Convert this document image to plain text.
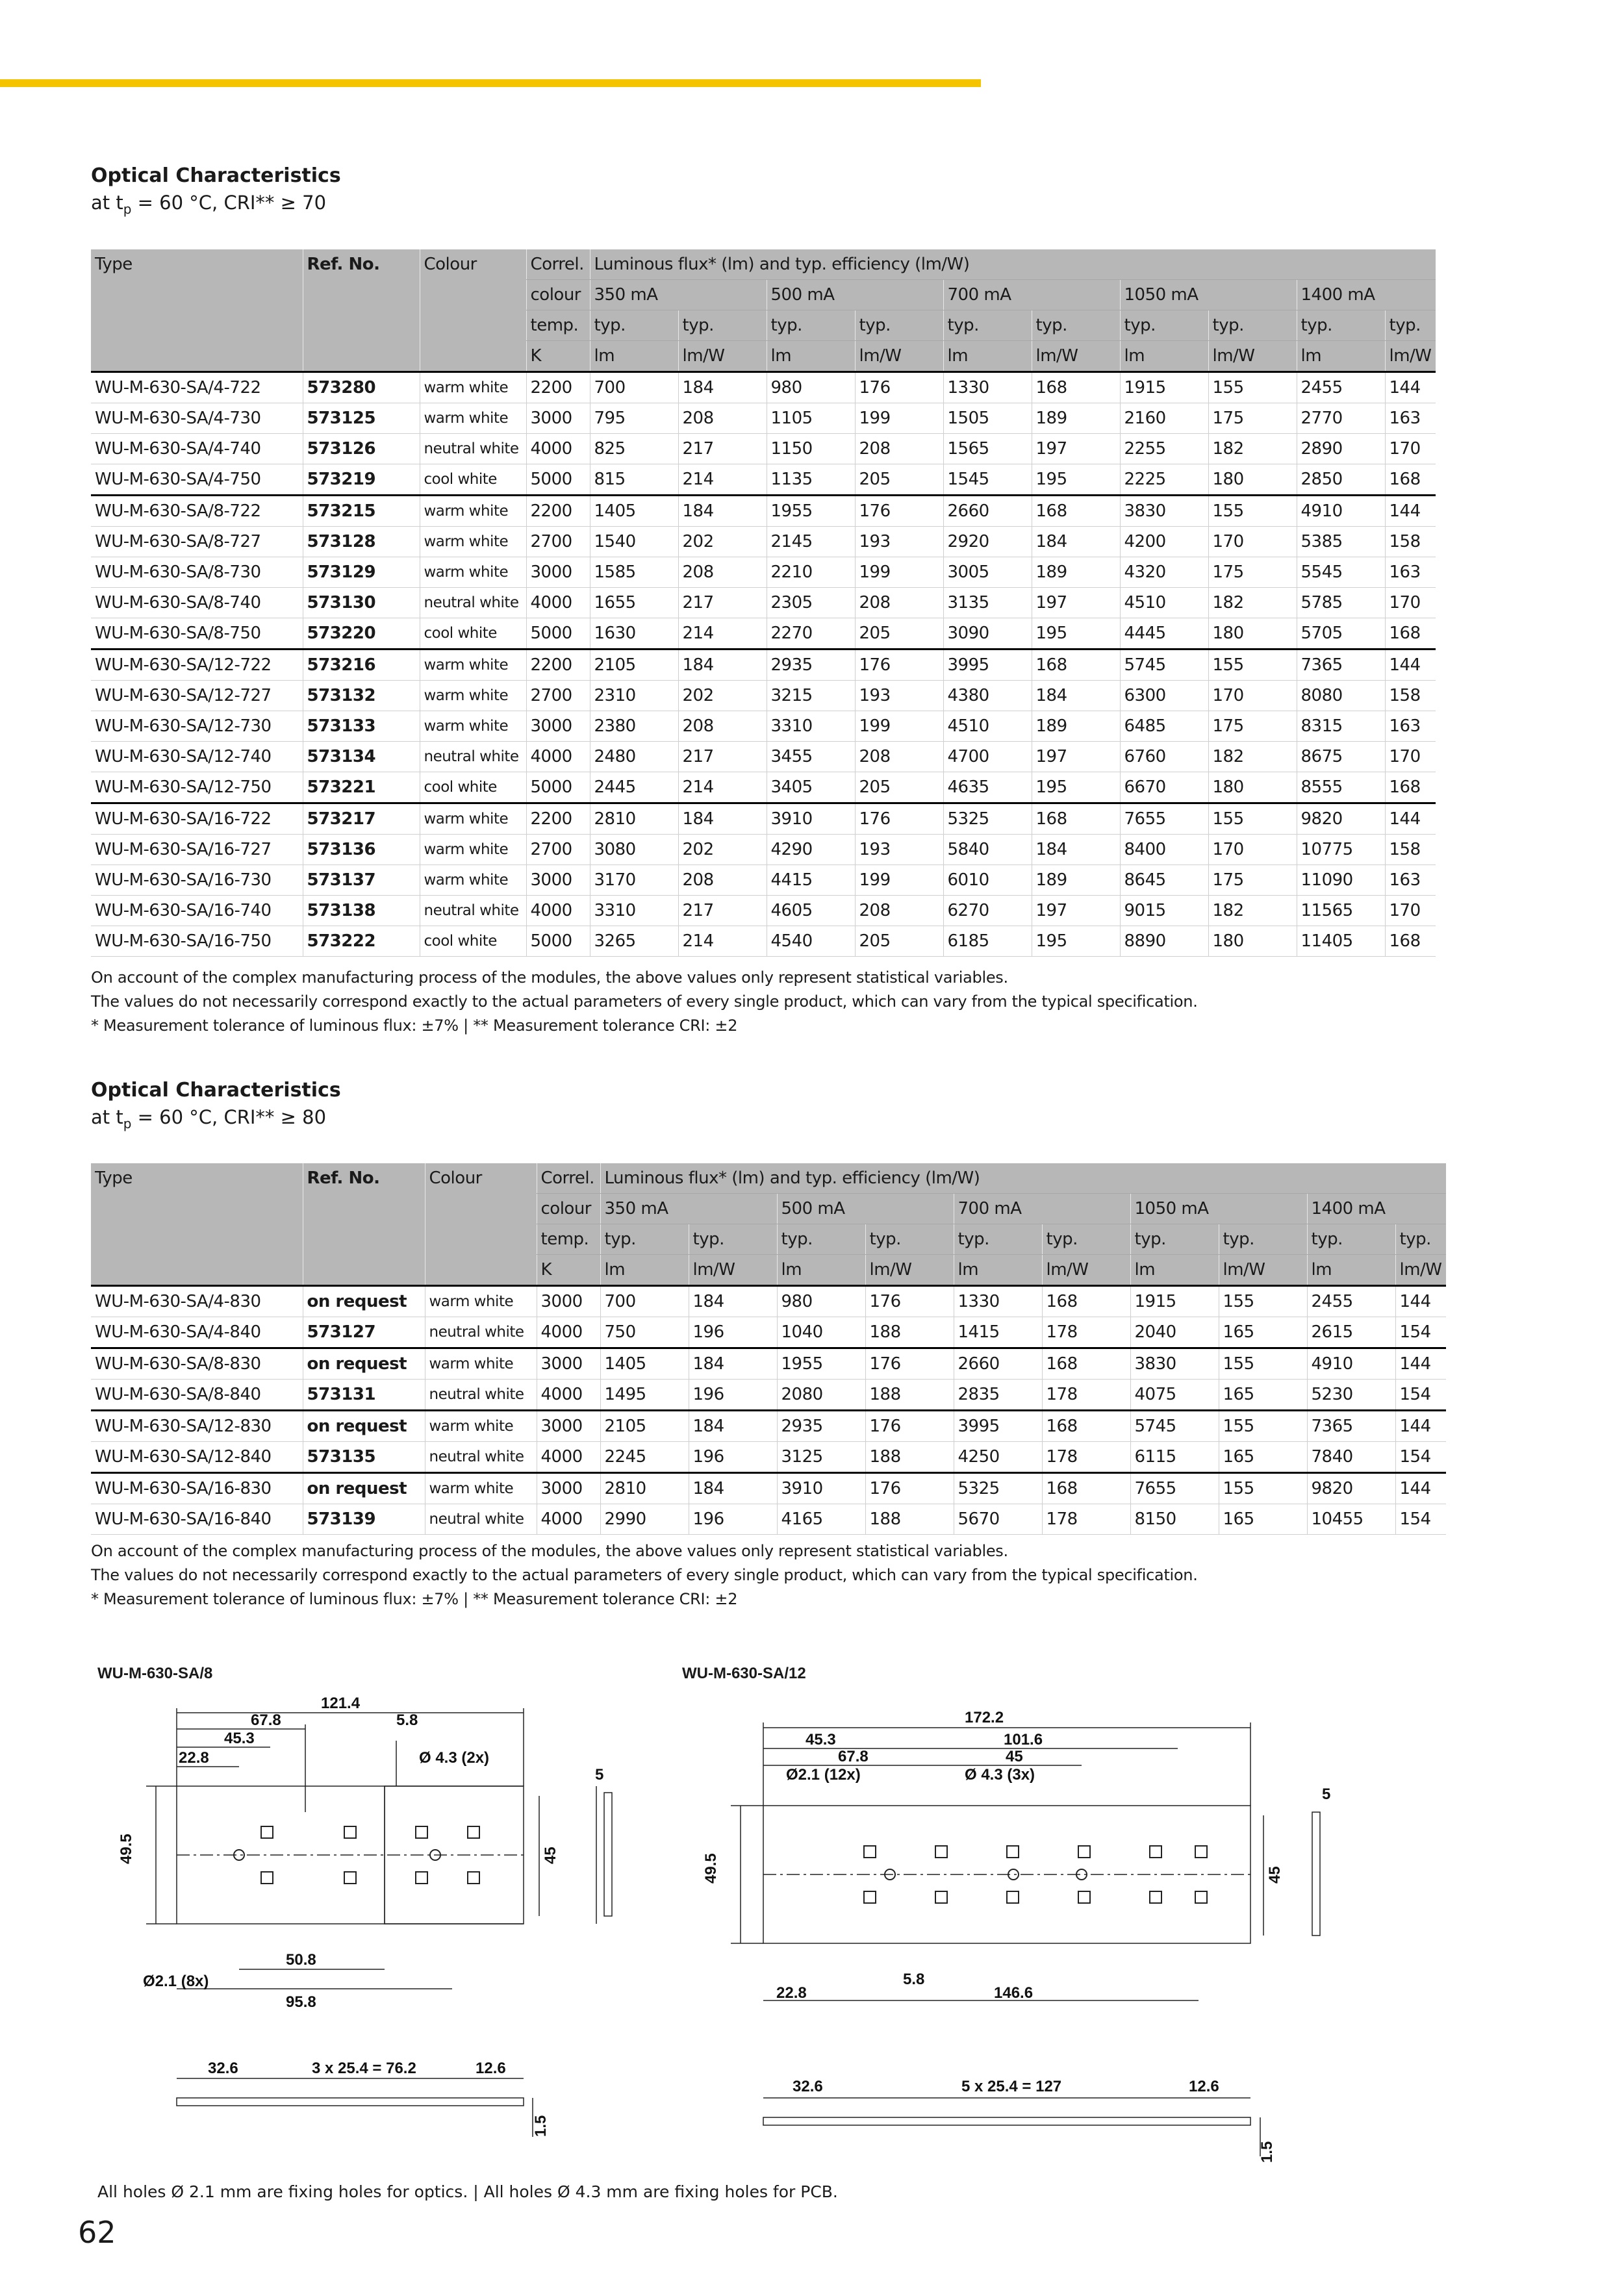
Optical Characteristics
at $t_p = 60$ °C, CRI** ≥ 70
Type	Ref. No.	Colour	Correl.	Luminous flux* (lm) and typ. efficiency (lm/W)									
			colour	350 mA		500 mA		700 mA		1050 mA		1400 mA	
			temp.	typ.	typ.	typ.	typ.	typ.	typ.	typ.	typ.	typ.	typ.
			K	lm	lm/W	lm	lm/W	lm	lm/W	lm	lm/W	lm	lm/W
WU-M-630-SA/4-722	573280	warm white	2200	700	184	980	176	1330	168	1915	155	2455	144
WU-M-630-SA/4-730	573125	warm white	3000	795	208	1105	199	1505	189	2160	175	2770	163
WU-M-630-SA/4-740	573126	neutral white	4000	825	217	1150	208	1565	197	2255	182	2890	170
WU-M-630-SA/4-750	573219	cool white	5000	815	214	1135	205	1545	195	2225	180	2850	168
WU-M-630-SA/8-722	573215	warm white	2200	1405	184	1955	176	2660	168	3830	155	4910	144
WU-M-630-SA/8-727	573128	warm white	2700	1540	202	2145	193	2920	184	4200	170	5385	158
WU-M-630-SA/8-730	573129	warm white	3000	1585	208	2210	199	3005	189	4320	175	5545	163
WU-M-630-SA/8-740	573130	neutral white	4000	1655	217	2305	208	3135	197	4510	182	5785	170
WU-M-630-SA/8-750	573220	cool white	5000	1630	214	2270	205	3090	195	4445	180	5705	168
WU-M-630-SA/12-722	573216	warm white	2200	2105	184	2935	176	3995	168	5745	155	7365	144
WU-M-630-SA/12-727	573132	warm white	2700	2310	202	3215	193	4380	184	6300	170	8080	158
WU-M-630-SA/12-730	573133	warm white	3000	2380	208	3310	199	4510	189	6485	175	8315	163
WU-M-630-SA/12-740	573134	neutral white	4000	2480	217	3455	208	4700	197	6760	182	8675	170
WU-M-630-SA/12-750	573221	cool white	5000	2445	214	3405	205	4635	195	6670	180	8555	168
WU-M-630-SA/16-722	573217	warm white	2200	2810	184	3910	176	5325	168	7655	155	9820	144
WU-M-630-SA/16-727	573136	warm white	2700	3080	202	4290	193	5840	184	8400	170	10775	158
WU-M-630-SA/16-730	573137	warm white	3000	3170	208	4415	199	6010	189	8645	175	11090	163
WU-M-630-SA/16-740	573138	neutral white	4000	3310	217	4605	208	6270	197	9015	182	11565	170
WU-M-630-SA/16-750	573222	cool white	5000	3265	214	4540	205	6185	195	8890	180	11405	168
On account of the complex manufacturing process of the modules, the above values only represent statistical variables.
The values do not necessarily correspond exactly to the actual parameters of every single product, which can vary from the typical specification.
* Measurement tolerance of luminous flux: ±7% | ** Measurement tolerance CRI: ±2
Optical Characteristics
at $t_p = 60$ °C, CRI** ≥ 80
Type	Ref. No.	Colour	Correl.	Luminous flux* (lm) and typ. efficiency (lm/W)									
			colour	350 mA		500 mA		700 mA		1050 mA		1400 mA	
			temp.	typ.	typ.	typ.	typ.	typ.	typ.	typ.	typ.	typ.	typ.
			K	lm	lm/W	lm	lm/W	lm	lm/W	lm	lm/W	lm	lm/W
WU-M-630-SA/4-830	on request	warm white	3000	700	184	980	176	1330	168	1915	155	2455	144
WU-M-630-SA/4-840	573127	neutral white	4000	750	196	1040	188	1415	178	2040	165	2615	154
WU-M-630-SA/8-830	on request	warm white	3000	1405	184	1955	176	2660	168	3830	155	4910	144
WU-M-630-SA/8-840	573131	neutral white	4000	1495	196	2080	188	2835	178	4075	165	5230	154
WU-M-630-SA/12-830	on request	warm white	3000	2105	184	2935	176	3995	168	5745	155	7365	144
WU-M-630-SA/12-840	573135	neutral white	4000	2245	196	3125	188	4250	178	6115	165	7840	154
WU-M-630-SA/16-830	on request	warm white	3000	2810	184	3910	176	5325	168	7655	155	9820	144
WU-M-630-SA/16-840	573139	neutral white	4000	2990	196	4165	188	5670	178	8150	165	10455	154
On account of the complex manufacturing process of the modules, the above values only represent statistical variables.
The values do not necessarily correspond exactly to the actual parameters of every single product, which can vary from the typical specification.
* Measurement tolerance of luminous flux: ±7% | ** Measurement tolerance CRI: ±2
WU-M-630-SA/8
121.4
67.8	5.8
45.3
22.8	Ø 4.3 (2x)
5
49.5	45
50.8
Ø2.1 (8x)
95.8
32.6	3 x 25.4 = 76.2	12.6
1.5
WU-M-630-SA/12
172.2
45.3	101.6
67.8	45
Ø2.1 (12x)	Ø 4.3 (3x)
5
49.5	45
5.8
22.8	146.6
32.6	5 x 25.4 = 127	12.6
1.5
All holes Ø 2.1 mm are fixing holes for optics. | All holes Ø 4.3 mm are fixing holes for PCB.
62
